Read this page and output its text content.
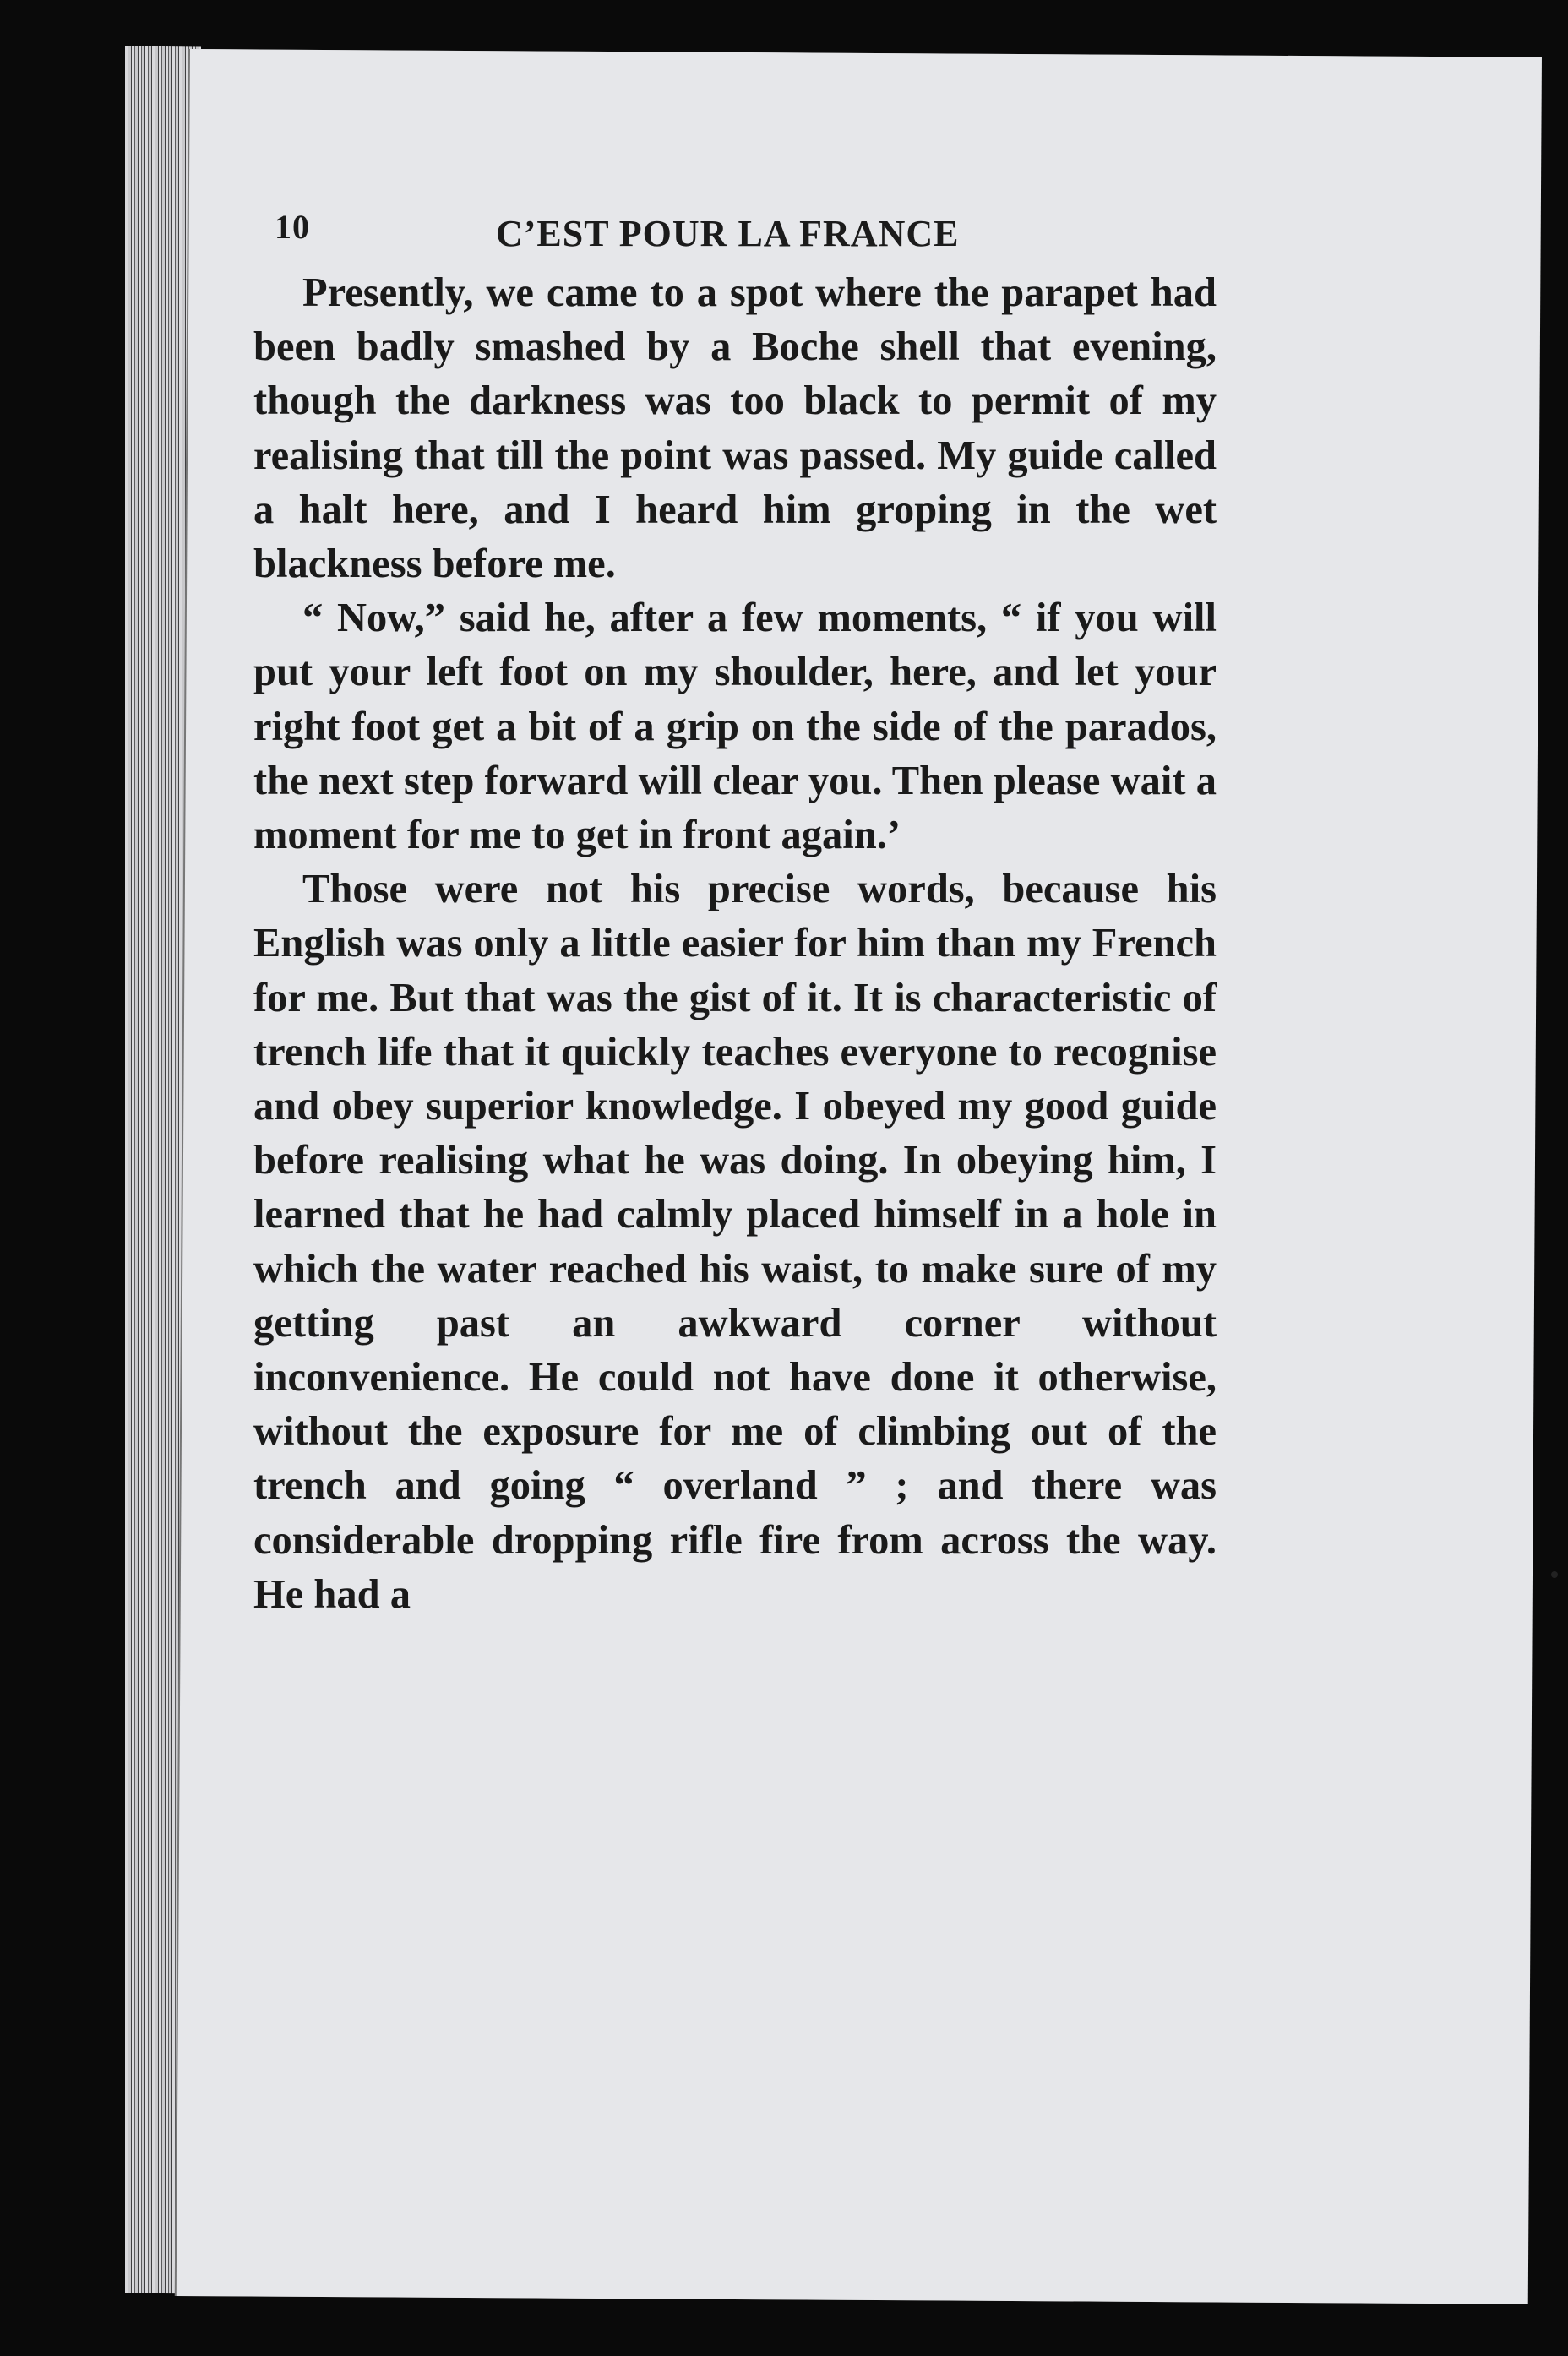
10	C’EST POUR LA FRANCE

Presently, we came to a spot where the parapet had been badly smashed by a Boche shell that evening, though the darkness was too black to permit of my realising that till the point was passed. My guide called a halt here, and I heard him groping in the wet blackness before me.

“ Now,” said he, after a few moments, “ if you will put your left foot on my shoulder, here, and let your right foot get a bit of a grip on the side of the parados, the next step forward will clear you. Then please wait a moment for me to get in front again.’

Those were not his precise words, because his English was only a little easier for him than my French for me. But that was the gist of it. It is characteristic of trench life that it quickly teaches everyone to recognise and obey superior knowledge. I obeyed my good guide before realising what he was doing. In obeying him, I learned that he had calmly placed himself in a hole in which the water reached his waist, to make sure of my getting past an awkward corner without inconvenience. He could not have done it otherwise, without the exposure for me of climbing out of the trench and going “ overland ” ; and there was considerable dropping rifle fire from across the way. He had a
